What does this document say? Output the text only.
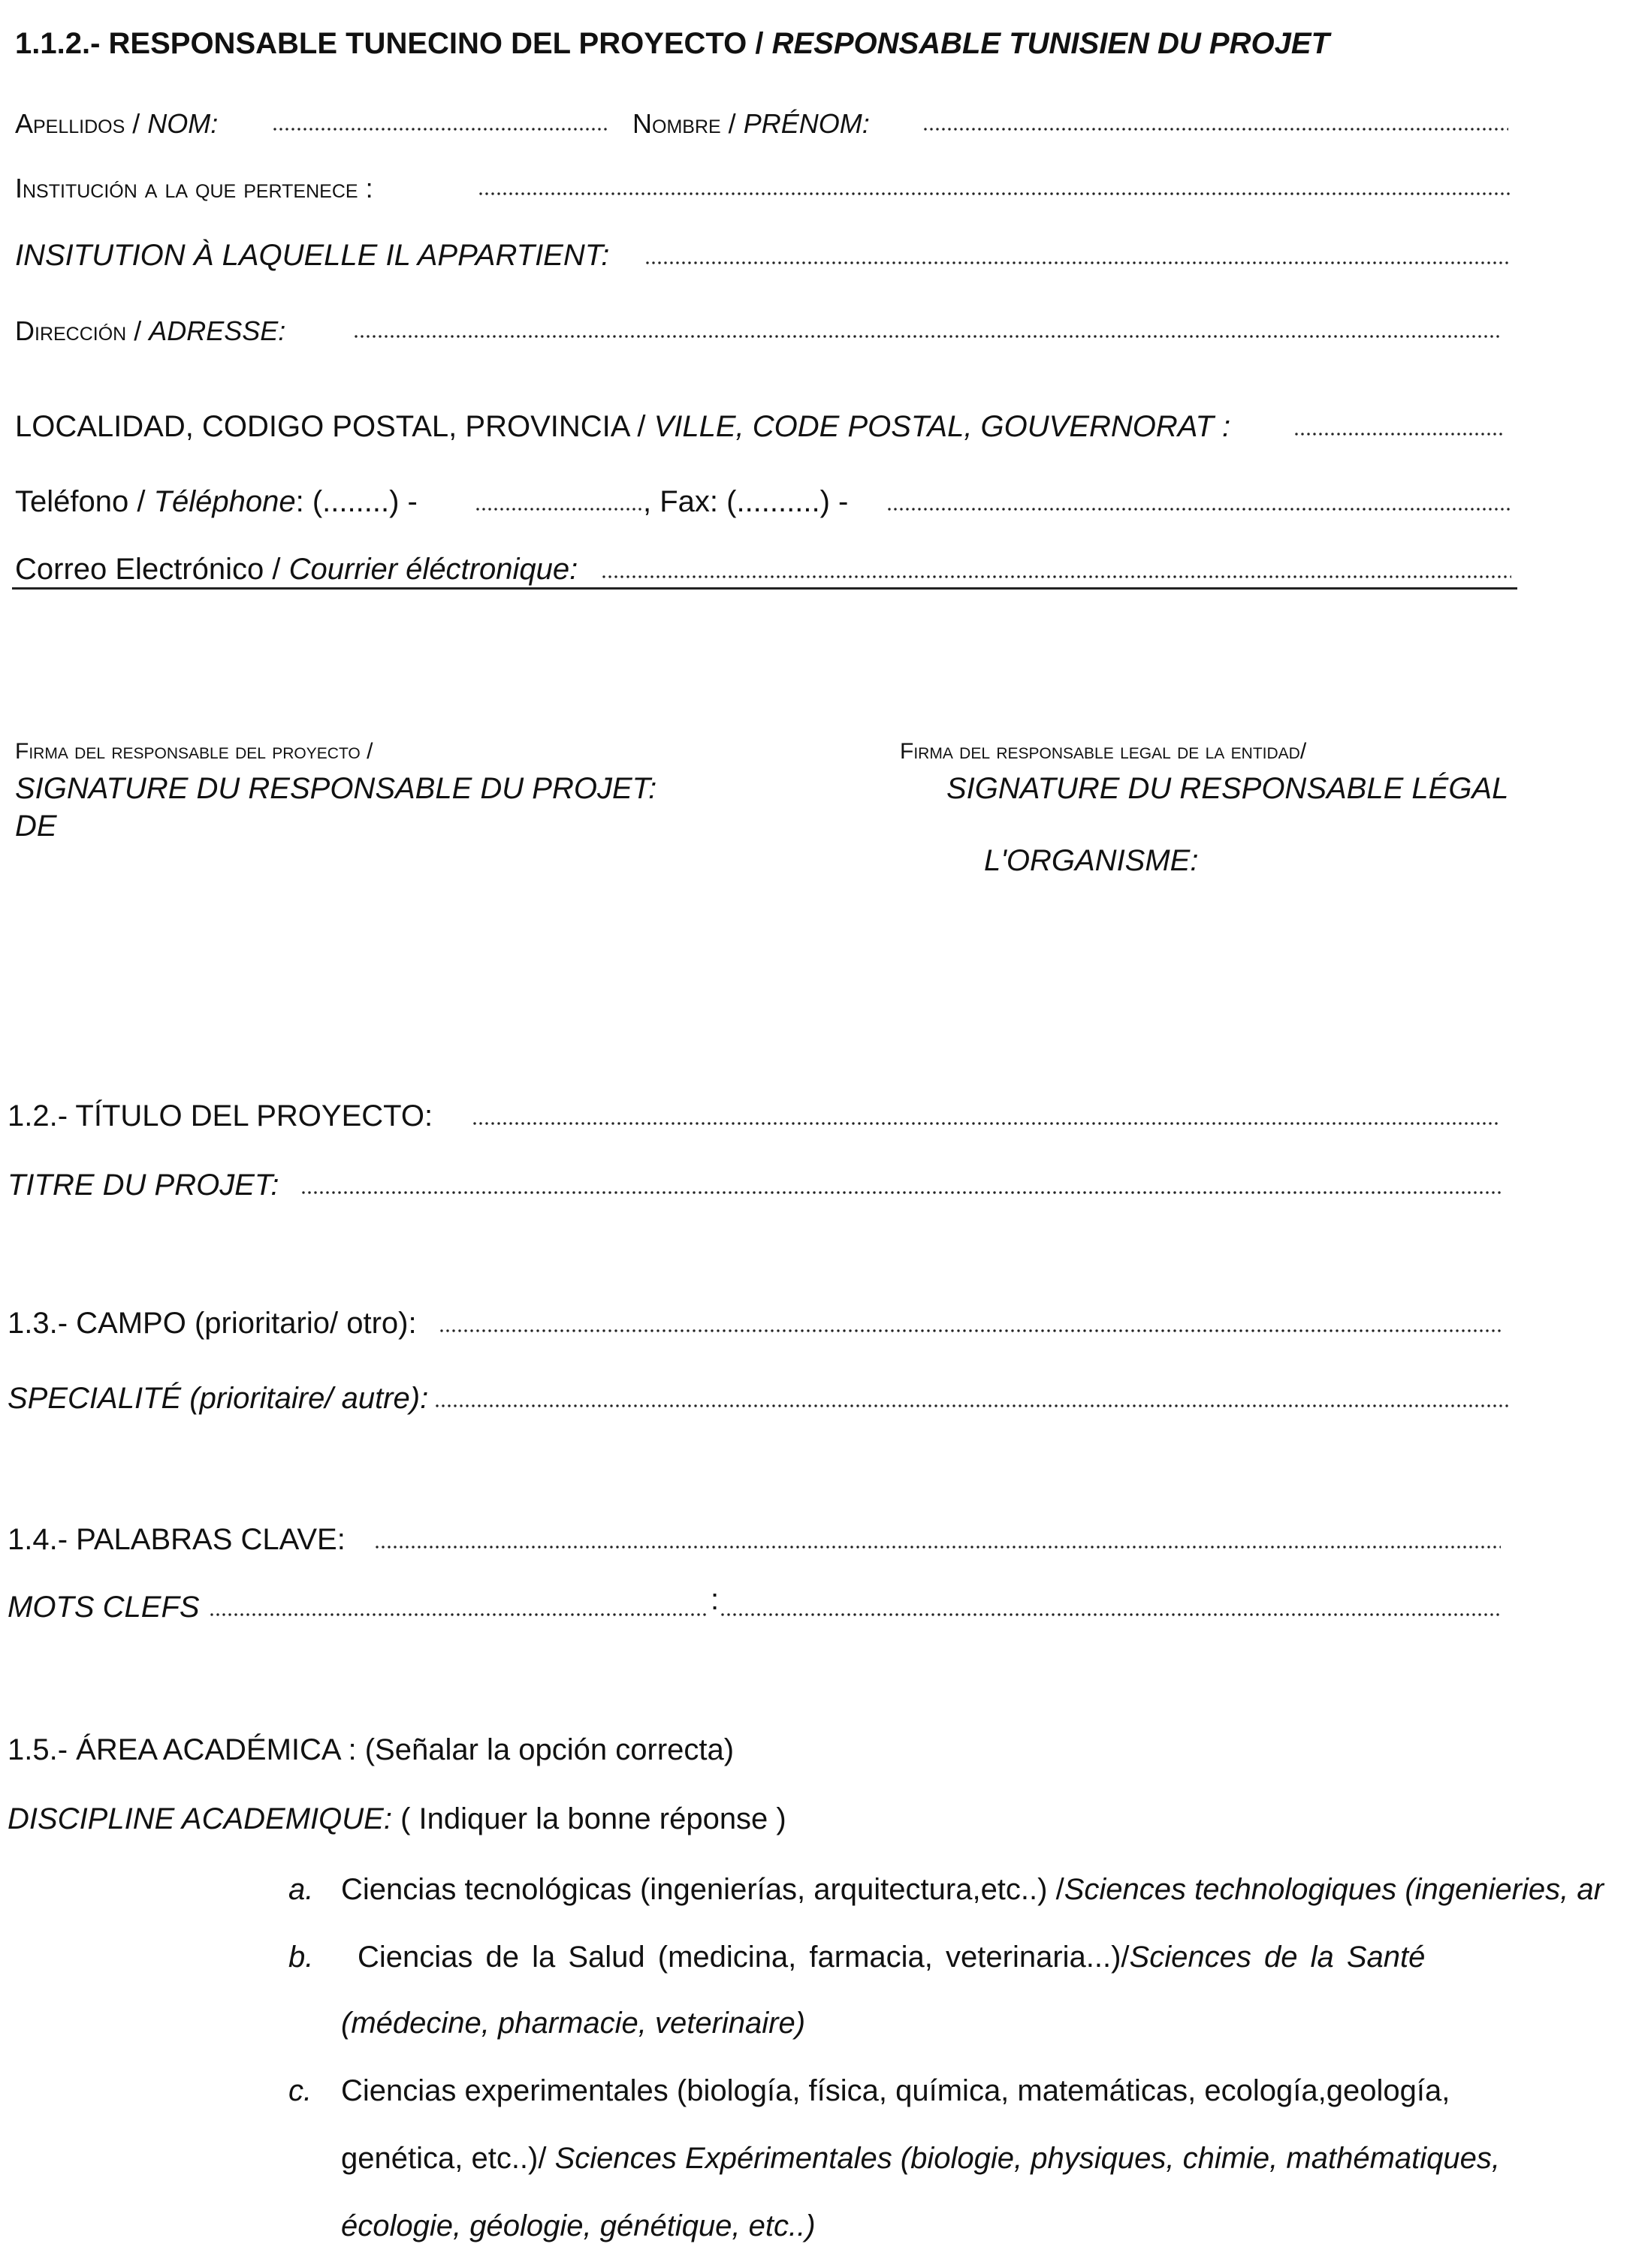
1.1.2.- RESPONSABLE TUNECINO DEL PROYECTO / RESPONSABLE TUNISIEN DU PROJET
Apellidos / NOM:	Nombre / PRÉNOM:
Institución a la que pertenece :
INSITUTION À LAQUELLE IL APPARTIENT:
Dirección / ADRESSE:
LOCALIDAD, CODIGO POSTAL, PROVINCIA / VILLE, CODE POSTAL, GOUVERNORAT :
Teléfono / Téléphone: (........) -	, Fax: (..........) -
Correo Electrónico / Courrier éléctronique:
Firma del responsable del proyecto /
SIGNATURE DU RESPONSABLE DU PROJET:
DE
Firma del responsable legal de la entidad/
SIGNATURE DU RESPONSABLE LÉGAL
L'ORGANISME:
1.2.- TÍTULO DEL PROYECTO:
TITRE DU PROJET:
1.3.- CAMPO (prioritario/ otro):
SPECIALITÉ (prioritaire/ autre):
1.4.- PALABRAS CLAVE:
MOTS CLEFS	:
1.5.- ÁREA ACADÉMICA : (Señalar la opción correcta)
DISCIPLINE ACADEMIQUE: ( Indiquer la bonne réponse )
a. Ciencias tecnológicas (ingenierías, arquitectura,etc..) /Sciences technologiques (ingenieries, ar
b. Ciencias de la Salud (medicina, farmacia, veterinaria...)/Sciences de la Santé
(médecine, pharmacie, veterinaire)
c. Ciencias experimentales (biología, física, química, matemáticas, ecología,geología,
genética, etc..)/ Sciences Expérimentales (biologie, physiques, chimie, mathématiques,
écologie, géologie, génétique, etc..)
